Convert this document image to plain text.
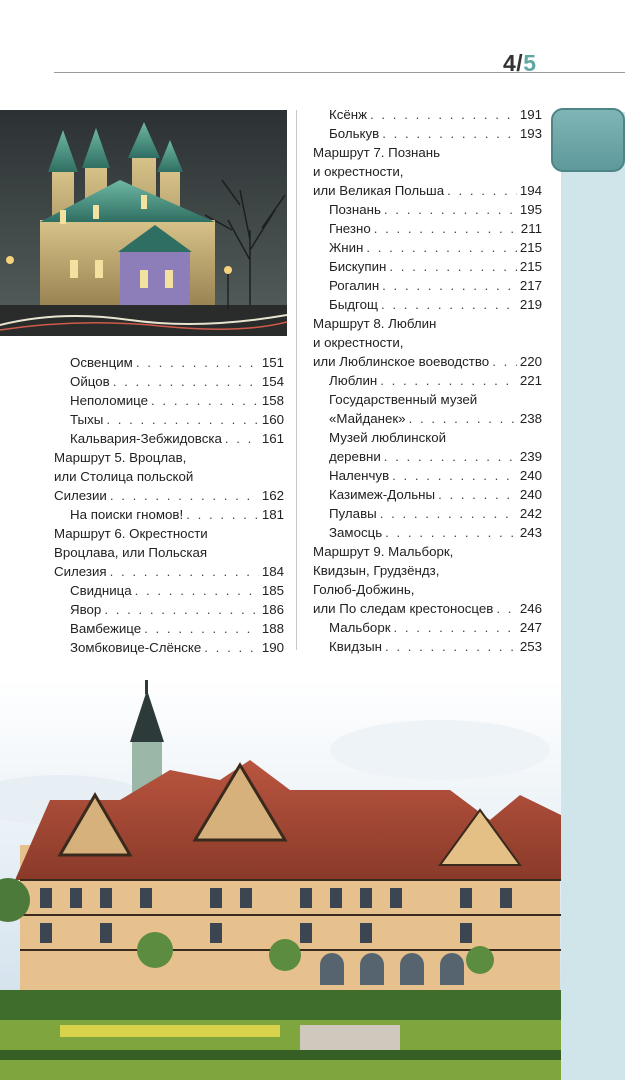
4/5
Освенцим . . .	151
Ойцов . . .	154
Неполомице . . .	158
Тыхы . . .	160
Кальвария-Зебжидовска . . .	161
Маршрут 5. Вроцлав,
или Столица польской
Силезии . . .	162
На поиски гномов! . . .	181
Маршрут 6. Окрестности
Вроцлава, или Польская
Силезия . . .	184
Свидница . . .	185
Явор . . .	186
Вамбежице . . .	188
Зомбковице-Слёнске . . .	190
Ксёнж . . .	191
Болькув . . .	193
Маршрут 7. Познань
и окрестности,
или Великая Польша . . .	194
Познань . . .	195
Гнезно . . .	211
Жнин . . .	215
Бискупин . . .	215
Рогалин . . .	217
Быдгощ . . .	219
Маршрут 8. Люблин
и окрестности,
или Люблинское воеводство . . . 220
Люблин . . .	221
Государственный музей
«Майданек» . . .	238
Музей люблинской
деревни . . .	239
Наленчув . . .	240
Казимеж-Дольны . . .	240
Пулавы . . .	242
Замосць . . .	243
Маршрут 9. Мальборк,
Квидзын, Грудзёндз,
Голюб-Добжинь,
или По следам крестоносцев . . . 246
Мальборк . . .	247
Квидзын . . .	253
